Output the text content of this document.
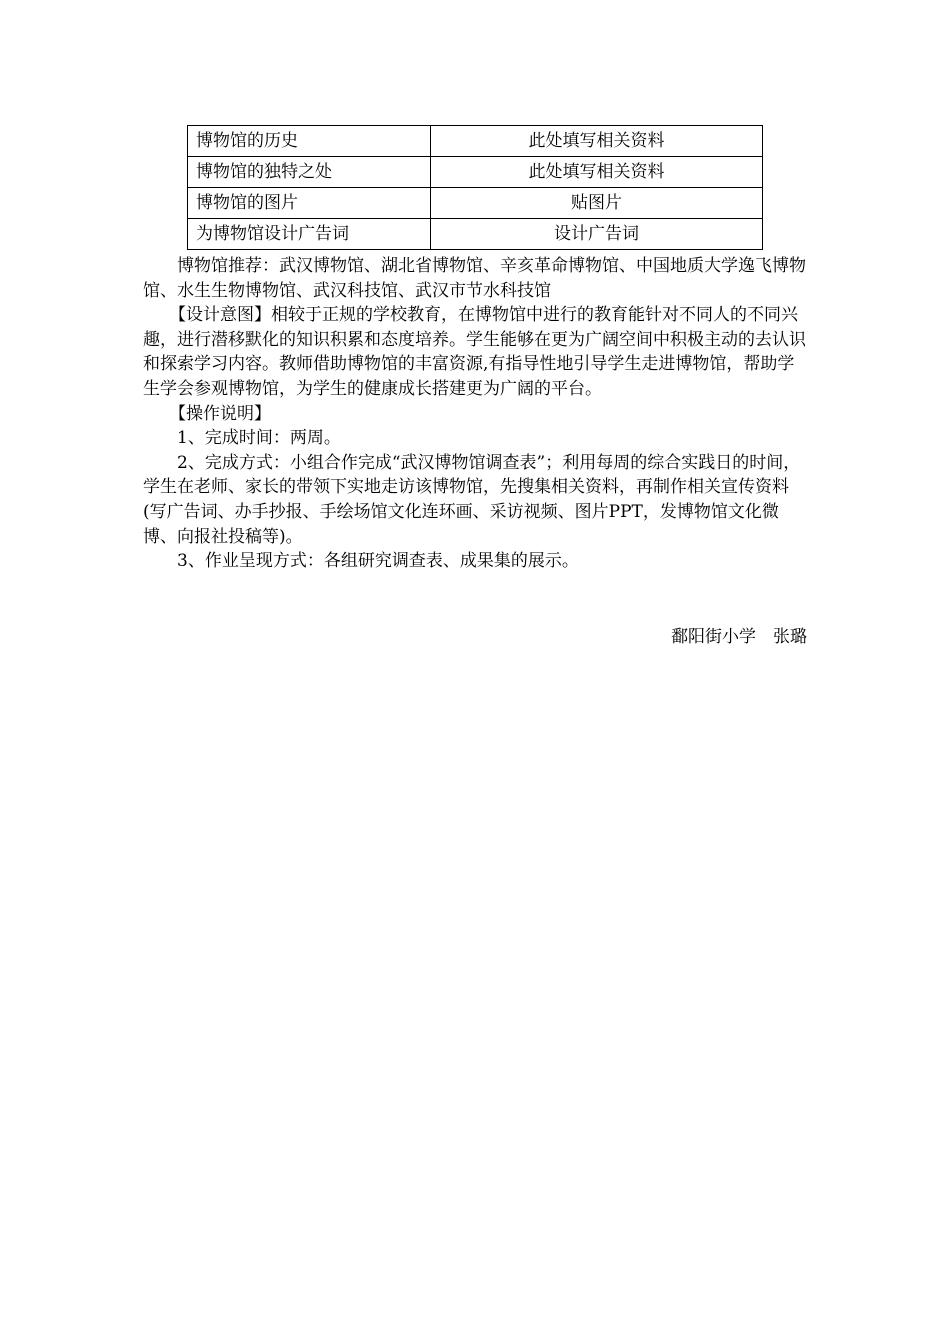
博物馆的历史	此处填写相关资料
博物馆的独特之处	此处填写相关资料
博物馆的图片	贴图片
为博物馆设计广告词	设计广告词

博物馆推荐：武汉博物馆、湖北省博物馆、辛亥革命博物馆、中国地质大学逸飞博物馆、水生生物博物馆、武汉科技馆、武汉市节水科技馆

【设计意图】相较于正规的学校教育，在博物馆中进行的教育能针对不同人的不同兴趣，进行潜移默化的知识积累和态度培养。学生能够在更为广阔空间中积极主动的去认识和探索学习内容。教师借助博物馆的丰富资源,有指导性地引导学生走进博物馆，帮助学生学会参观博物馆，为学生的健康成长搭建更为广阔的平台。

【操作说明】

1、完成时间：两周。

2、完成方式：小组合作完成“武汉博物馆调查表”；利用每周的综合实践日的时间，学生在老师、家长的带领下实地走访该博物馆，先搜集相关资料，再制作相关宣传资料(写广告词、办手抄报、手绘场馆文化连环画、采访视频、图片PPT，发博物馆文化微博、向报社投稿等)。

3、作业呈现方式：各组研究调查表、成果集的展示。

鄱阳街小学　张璐
